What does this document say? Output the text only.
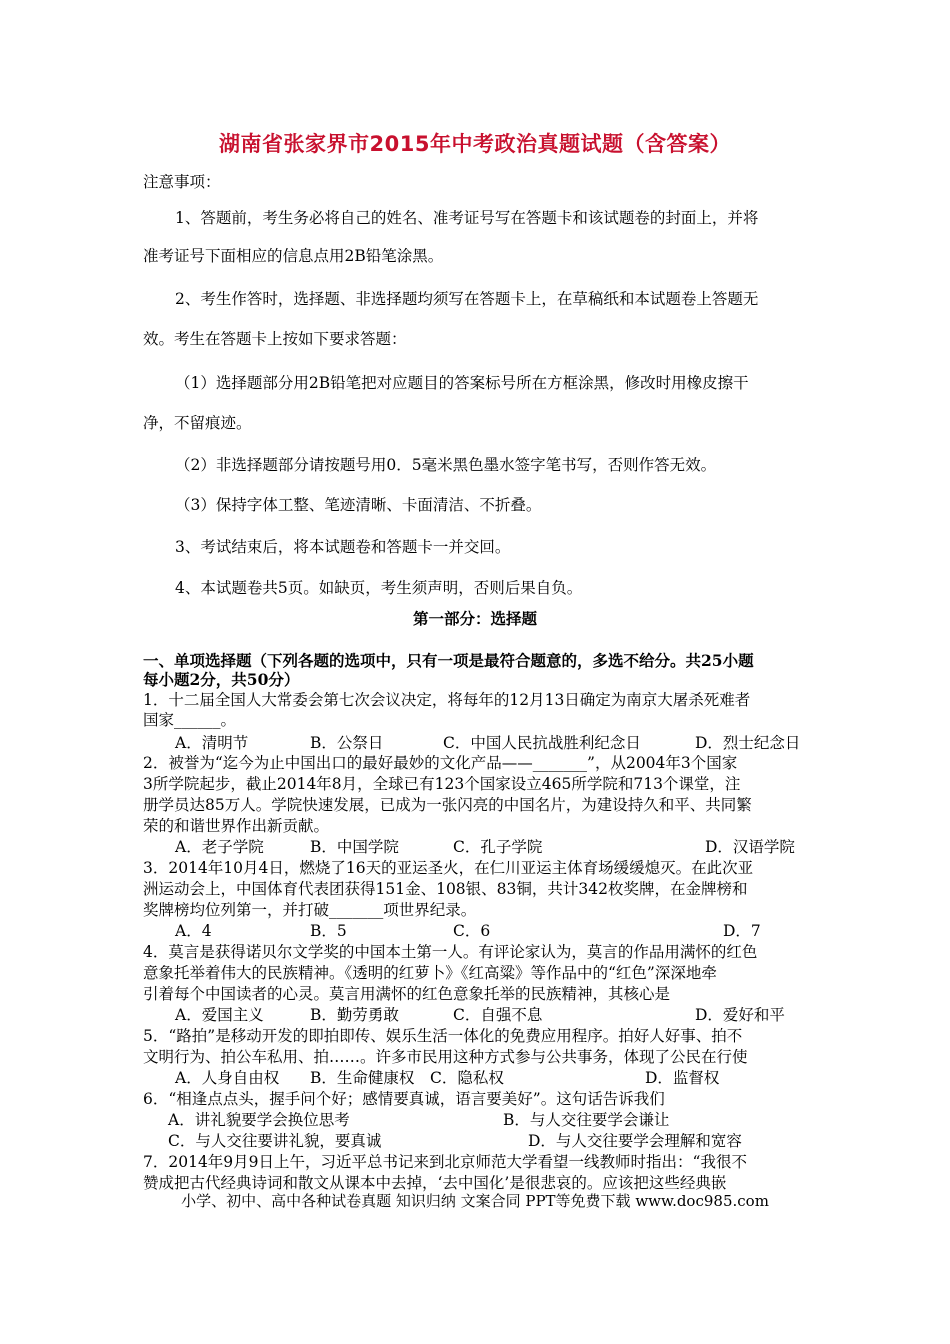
湖南省张家界市2015年中考政治真题试题（含答案）
注意事项：
1、答题前，考生务必将自己的姓名、准考证号写在答题卡和该试题卷的封面上，并将
准考证号下面相应的信息点用2B铅笔涂黑。
2、考生作答时，选择题、非选择题均须写在答题卡上，在草稿纸和本试题卷上答题无
效。考生在答题卡上按如下要求答题：
（1）选择题部分用2B铅笔把对应题目的答案标号所在方框涂黑，修改时用橡皮擦干
净，不留痕迹。
（2）非选择题部分请按题号用0．5毫米黑色墨水签字笔书写，否则作答无效。
（3）保持字体工整、笔迹清晰、卡面清洁、不折叠。
3、考试结束后，将本试题卷和答题卡一并交回。
4、本试题卷共5页。如缺页，考生须声明，否则后果自负。
第一部分：选择题
一、单项选择题（下列各题的选项中，只有一项是最符合题意的，多选不给分。共25小题
每小题2分，共50分）
1．十二届全国人大常委会第七次会议决定，将每年的12月13日确定为南京大屠杀死难者
国家______。
A．清明节	B．公祭日	C．中国人民抗战胜利纪念日	D．烈士纪念日
2．被誉为“迄今为止中国出口的最好最妙的文化产品——_______”，从2004年3个国家
3所学院起步，截止2014年8月，全球已有123个国家设立465所学院和713个课堂，注
册学员达85万人。学院快速发展，已成为一张闪亮的中国名片，为建设持久和平、共同繁
荣的和谐世界作出新贡献。
A．老子学院	B．中国学院	C．孔子学院	D．汉语学院
3．2014年10月4日，燃烧了16天的亚运圣火，在仁川亚运主体育场缓缓熄灭。在此次亚
洲运动会上，中国体育代表团获得151金、108银、83铜，共计342枚奖牌，在金牌榜和
奖牌榜均位列第一，并打破_______项世界纪录。
A．4	B．5	C．6	D．7
4．莫言是获得诺贝尔文学奖的中国本土第一人。有评论家认为，莫言的作品用满怀的红色
意象托举着伟大的民族精神。《透明的红萝卜》《红高粱》等作品中的“红色”深深地牵
引着每个中国读者的心灵。莫言用满怀的红色意象托举的民族精神，其核心是
A．爱国主义	B．勤劳勇敢	C．自强不息	D．爱好和平
5．“路拍”是移动开发的即拍即传、娱乐生活一体化的免费应用程序。拍好人好事、拍不
文明行为、拍公车私用、拍……。许多市民用这种方式参与公共事务，体现了公民在行使
A．人身自由权 B．生命健康权 C．隐私权	D．监督权
6．“相逢点点头，握手问个好；感情要真诚，语言要美好”。这句话告诉我们
A．讲礼貌要学会换位思考	B．与人交往要学会谦让
C．与人交往要讲礼貌，要真诚	D．与人交往要学会理解和宽容
7．2014年9月9日上午，习近平总书记来到北京师范大学看望一线教师时指出：“我很不
赞成把古代经典诗词和散文从课本中去掉，‘去中国化’是很悲哀的。应该把这些经典嵌
小学、初中、高中各种试卷真题 知识归纳 文案合同 PPT等免费下载 www.doc985.com
